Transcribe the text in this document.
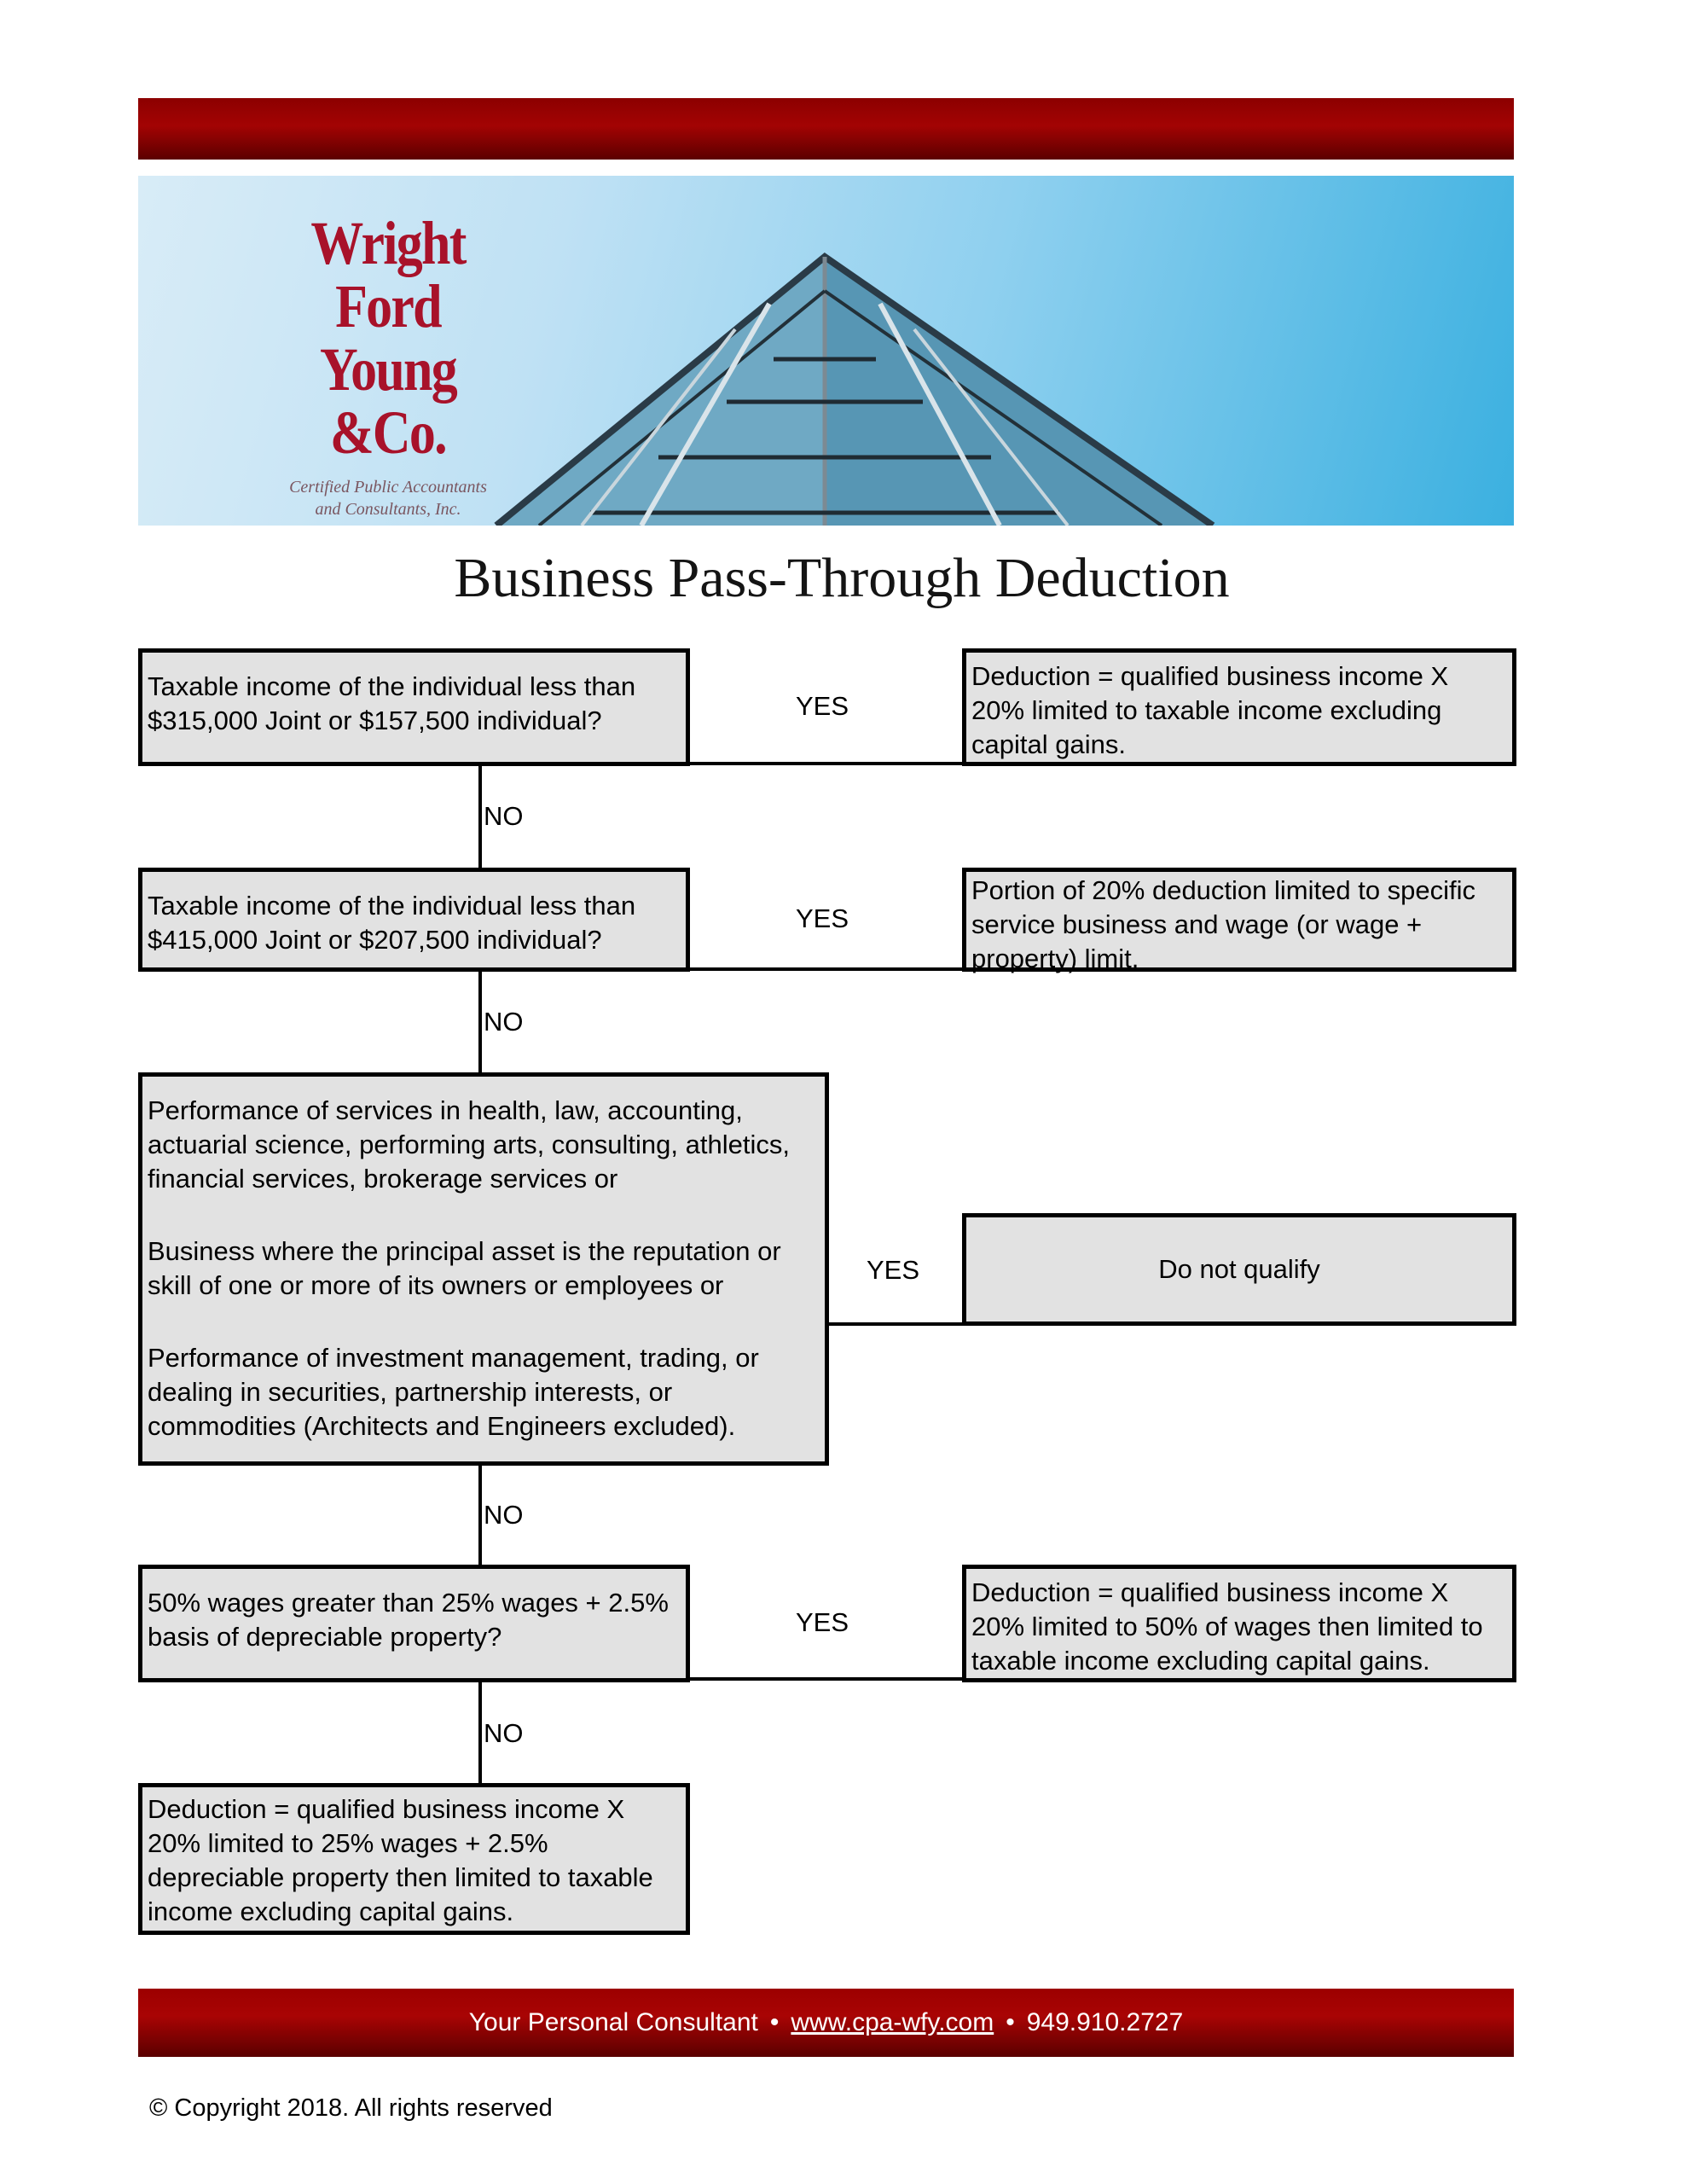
Wright
Ford
Young &Co.
Certified Public Accountants
and Consultants, Inc.
Business Pass-Through Deduction

Taxable income of the individual less than $315,000 Joint or $157,500 individual?	YES

Deduction = qualified business income X 20% limited to taxable income excluding capital gains.

NO

Taxable income of the individual less than $415,000 Joint or $207,500 individual?

YES

Portion of 20% deduction limited to specific service business and wage (or wage + property) limit.

NO

Performance of services in health, law, accounting, actuarial science, performing arts, consulting, athletics, financial services, brokerage services or

Business where the principal asset is the reputation or skill of one or more of its owners or employees or

Performance of investment management, trading, or dealing in securities, partnership interests, or commodities (Architects and Engineers excluded).

YES	Do not qualify
NO

50% wages greater than 25% wages + 2.5% basis of depreciable property?	YES

Deduction = qualified business income X 20% limited to 50% of wages then limited to taxable income excluding capital gains.

NO

Deduction = qualified business income X 20% limited to 25% wages + 2.5% depreciable property then limited to taxable income excluding capital gains.

Your Personal Consultant • www.cpa-wfy.com • 949.910.2727
© Copyright 2018. All rights reserved
